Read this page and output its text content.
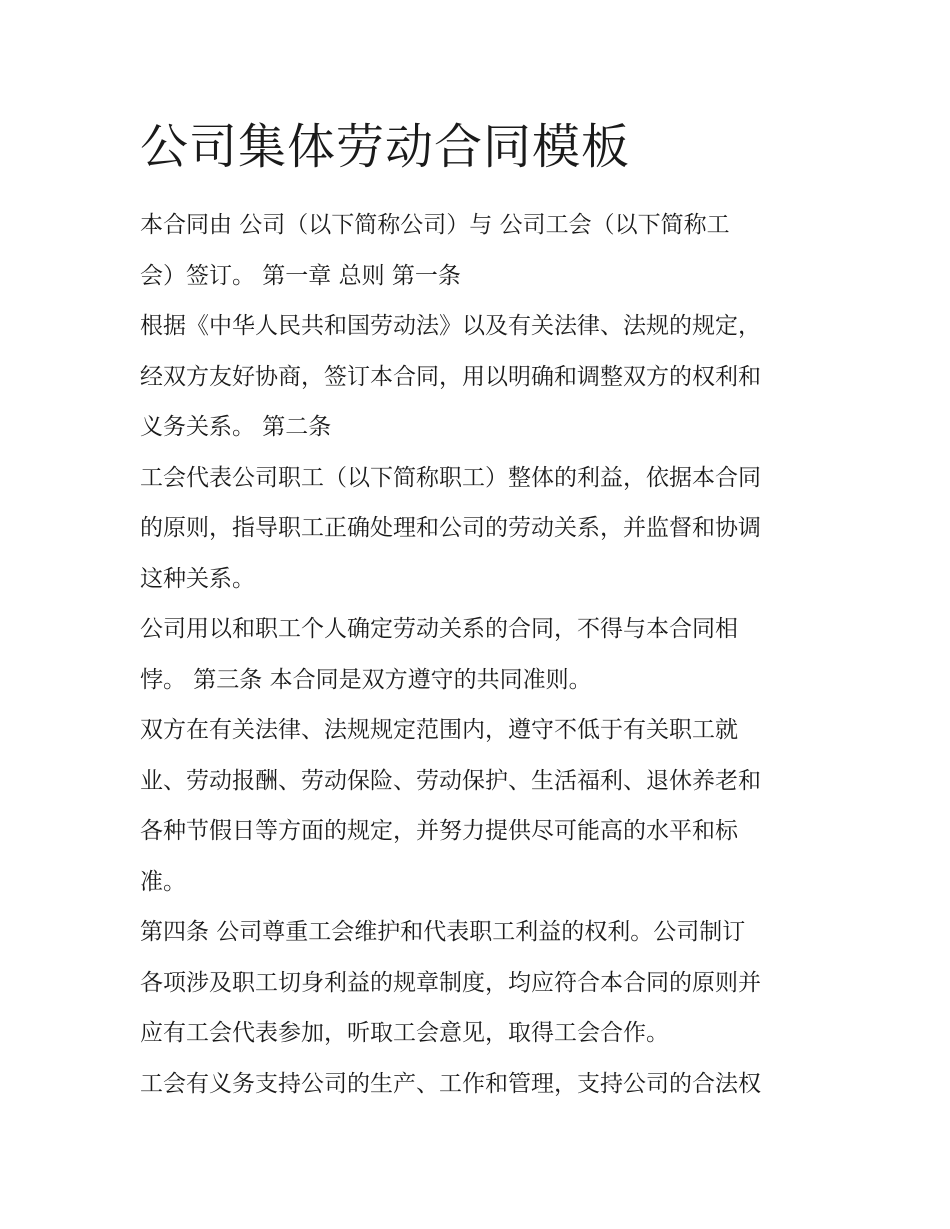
公司集体劳动合同模板
本合同由 公司（以下简称公司）与 公司工会（以下简称工
会）签订。 第一章 总则 第一条
根据《中华人民共和国劳动法》以及有关法律、法规的规定，
经双方友好协商，签订本合同，用以明确和调整双方的权利和
义务关系。 第二条
工会代表公司职工（以下简称职工）整体的利益，依据本合同
的原则，指导职工正确处理和公司的劳动关系，并监督和协调
这种关系。
公司用以和职工个人确定劳动关系的合同，不得与本合同相
悖。 第三条 本合同是双方遵守的共同准则。
双方在有关法律、法规规定范围内，遵守不低于有关职工就
业、劳动报酬、劳动保险、劳动保护、生活福利、退休养老和
各种节假日等方面的规定，并努力提供尽可能高的水平和标
准。
第四条 公司尊重工会维护和代表职工利益的权利。公司制订
各项涉及职工切身利益的规章制度，均应符合本合同的原则并
应有工会代表参加，听取工会意见，取得工会合作。
工会有义务支持公司的生产、工作和管理，支持公司的合法权
